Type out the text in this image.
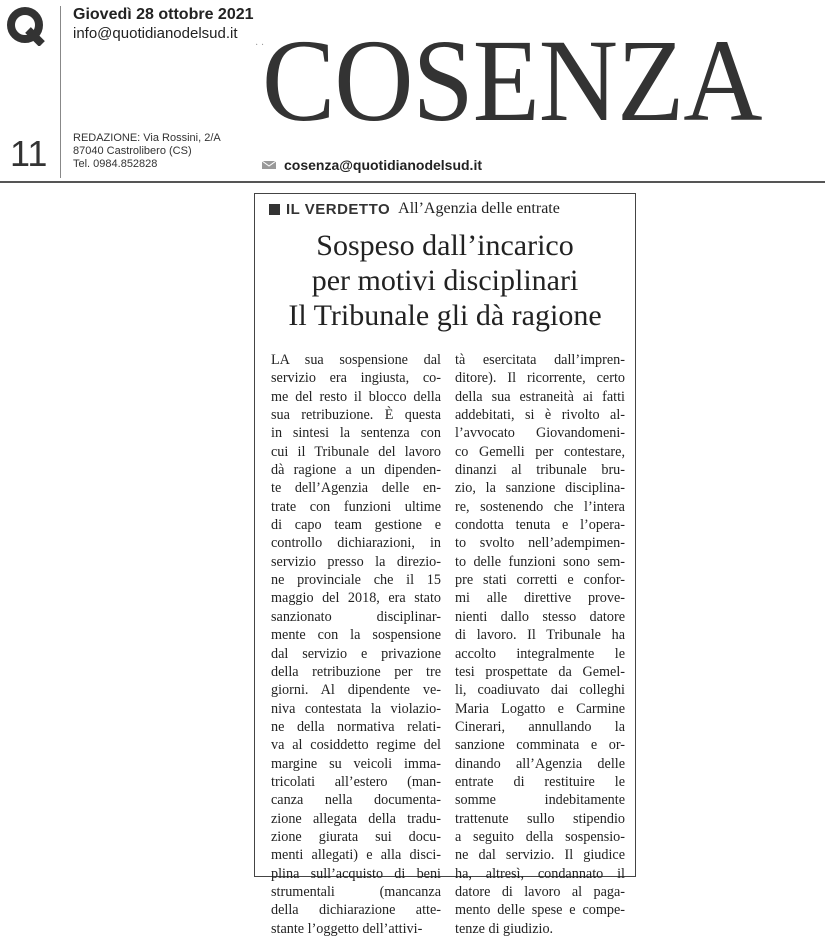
Giovedì 28 ottobre 2021
info@quotidianodelsud.it
· ·
COSENZA
11 REDAZIONE: Via Rossini, 2/A
87040 Castrolibero (CS)
Tel. 0984.852828	cosenza@quotidianodelsud.it
IL VERDETTO All’Agenzia delle entrate
Sospeso dall’incarico
per motivi disciplinari
Il Tribunale gli dà ragione
LA sua sospensione dal
servizio era ingiusta, co-
me del resto il blocco della
sua retribuzione. È questa
in sintesi la sentenza con
cui il Tribunale del lavoro
dà ragione a un dipenden-
te dell’Agenzia delle en-
trate con funzioni ultime
di capo team gestione e
controllo dichiarazioni, in
servizio presso la direzio-
ne provinciale che il 15
maggio del 2018, era stato
sanzionato disciplinar-
mente con la sospensione
dal servizio e privazione
della retribuzione per tre
giorni. Al dipendente ve-
niva contestata la violazio-
ne della normativa relati-
va al cosiddetto regime del
margine su veicoli imma-
tricolati all’estero (man-
canza nella documenta-
zione allegata della tradu-
zione giurata sui docu-
menti allegati) e alla disci-
plina sull’acquisto di beni
strumentali (mancanza
della dichiarazione atte-
stante l’oggetto dell’attivi-
tà esercitata dall’impren-
ditore). Il ricorrente, certo
della sua estraneità ai fatti
addebitati, si è rivolto al-
l’avvocato Giovandomeni-
co Gemelli per contestare,
dinanzi al tribunale bru-
zio, la sanzione disciplina-
re, sostenendo che l’intera
condotta tenuta e l’opera-
to svolto nell’adempimen-
to delle funzioni sono sem-
pre stati corretti e confor-
mi alle direttive prove-
nienti dallo stesso datore
di lavoro. Il Tribunale ha
accolto integralmente le
tesi prospettate da Gemel-
li, coadiuvato dai colleghi
Maria Logatto e Carmine
Cinerari, annullando la
sanzione comminata e or-
dinando all’Agenzia delle
entrate di restituire le
somme indebitamente
trattenute sullo stipendio
a seguito della sospensio-
ne dal servizio. Il giudice
ha, altresì, condannato il
datore di lavoro al paga-
mento delle spese e compe-
tenze di giudizio.
